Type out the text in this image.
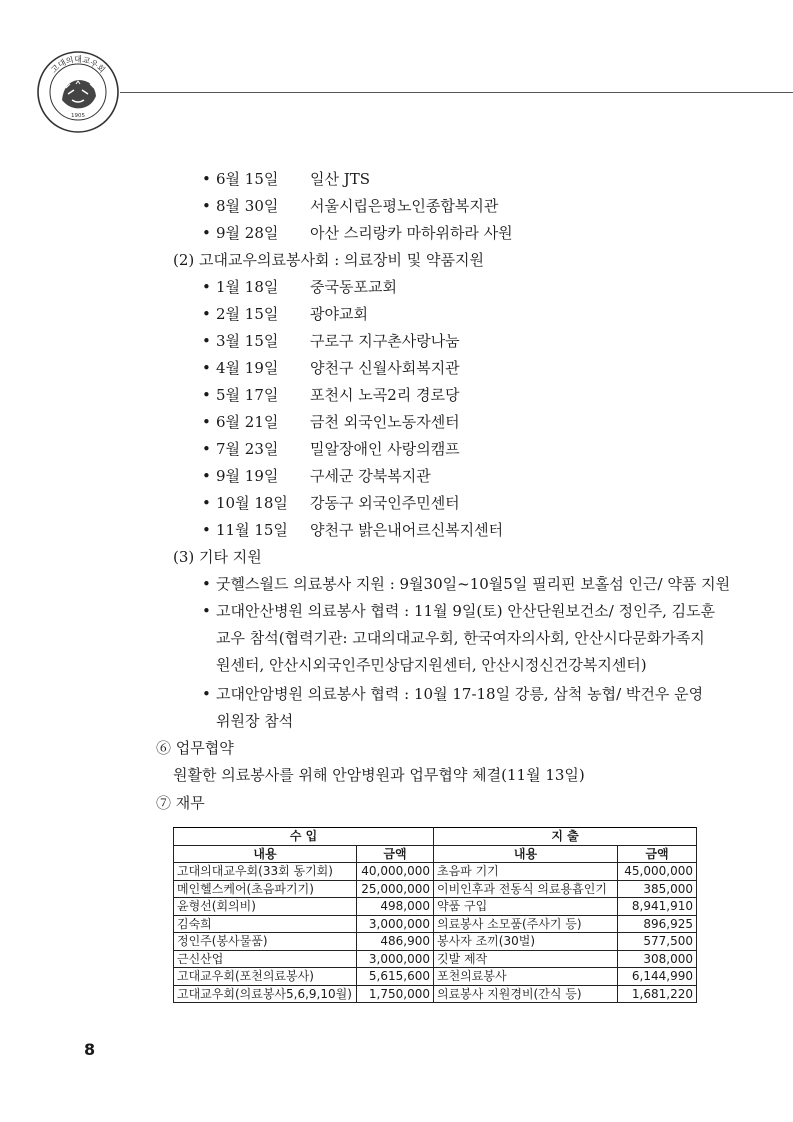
고대의대교우회
1905
• 6월 15일 일산 JTS
• 8월 30일 서울시립은평노인종합복지관
• 9월 28일 아산 스리랑카 마하위하라 사원
(2) 고대교우의료봉사회 : 의료장비 및 약품지원
• 1월 18일 중국동포교회
• 2월 15일 광야교회
• 3월 15일 구로구 지구촌사랑나눔
• 4월 19일 양천구 신월사회복지관
• 5월 17일 포천시 노곡2리 경로당
• 6월 21일 금천 외국인노동자센터
• 7월 23일 밀알장애인 사랑의캠프
• 9월 19일 구세군 강북복지관
• 10월 18일 강동구 외국인주민센터
• 11월 15일 양천구 밝은내어르신복지센터
(3) 기타 지원
• 굿헬스월드 의료봉사 지원 : 9월30일~10월5일 필리핀 보홀섬 인근/ 약품 지원
• 고대안산병원 의료봉사 협력 : 11월 9일(토) 안산단원보건소/ 정인주, 김도훈
교우 참석(협력기관: 고대의대교우회, 한국여자의사회, 안산시다문화가족지
원센터, 안산시외국인주민상담지원센터, 안산시정신건강복지센터)
• 고대안암병원 의료봉사 협력 : 10월 17-18일 강릉, 삼척 농협/ 박건우 운영
위원장 참석
⑥ 업무협약
원활한 의료봉사를 위해 안암병원과 업무협약 체결(11월 13일)
⑦ 재무
수 입		지 출	
내용	금액	내용	금액
고대의대교우회(33회 동기회)	40,000,000	초음파 기기	45,000,000
메인헬스케어(초음파기기)	25,000,000	이비인후과 전동식 의료용흡인기	385,000
윤형선(회의비)	498,000	약품 구입	8,941,910
김숙희	3,000,000	의료봉사 소모품(주사기 등)	896,925
정인주(봉사물품)	486,900	봉사자 조끼(30벌)	577,500
근신산업	3,000,000	깃발 제작	308,000
고대교우회(포천의료봉사)	5,615,600	포천의료봉사	6,144,990
고대교우회(의료봉사5,6,9,10월)	1,750,000	의료봉사 지원경비(간식 등)	1,681,220
8
